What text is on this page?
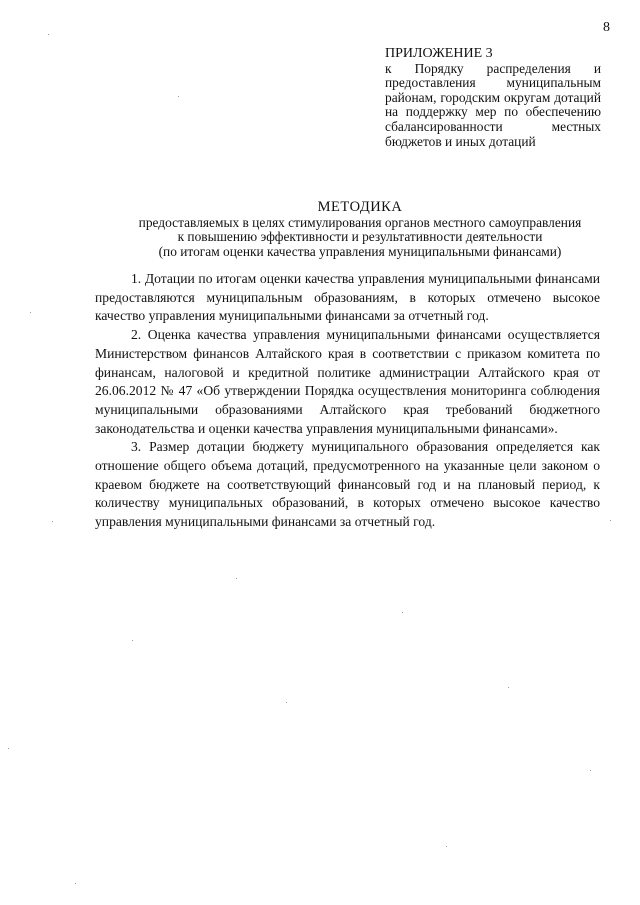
8
ПРИЛОЖЕНИЕ 3
к Порядку распределения и предоставления муниципальным районам, городским округам дотаций на поддержку мер по обеспечению сбалансированности местных бюджетов и иных дотаций
МЕТОДИКА
предоставляемых в целях стимулирования органов местного самоуправления
к повышению эффективности и результативности деятельности
(по итогам оценки качества управления муниципальными финансами)

1. Дотации по итогам оценки качества управления муниципальными финансами предоставляются муниципальным образованиям, в которых отмечено высокое качество управления муниципальными финансами за отчетный год.

2. Оценка качества управления муниципальными финансами осуществляется Министерством финансов Алтайского края в соответствии с приказом комитета по финансам, налоговой и кредитной политике администрации Алтайского края от 26.06.2012 № 47 «Об утверждении Порядка осуществления мониторинга соблюдения муниципальными образованиями Алтайского края требований бюджетного законодательства и оценки качества управления муниципальными финансами».

3. Размер дотации бюджету муниципального образования определяется как отношение общего объема дотаций, предусмотренного на указанные цели законом о краевом бюджете на соответствующий финансовый год и на плановый период, к количеству муниципальных образований, в которых отмечено высокое качество управления муниципальными финансами за отчетный год.
